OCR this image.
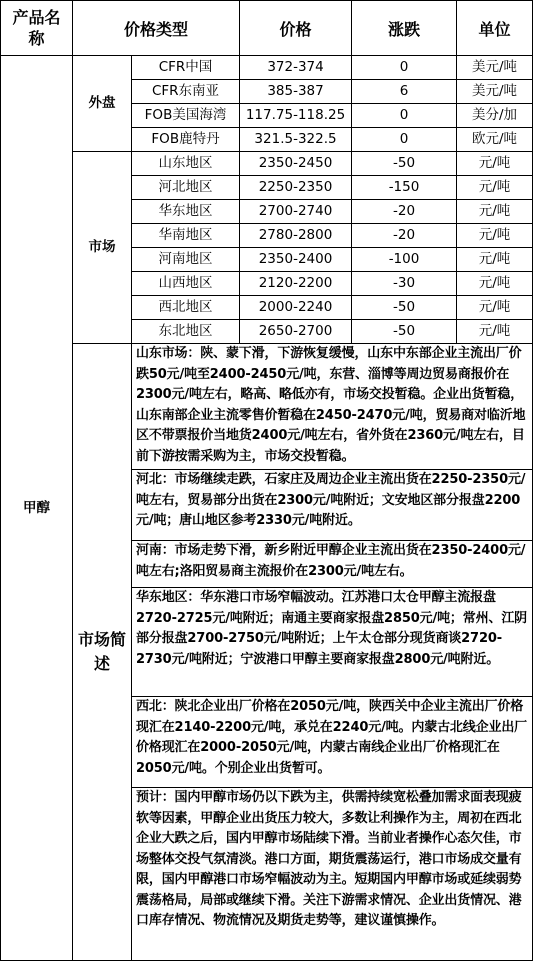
产品名
称	价格类型		价格	涨跌	单位
甲醇	外盘	CFR中国	372-374	0	美元/吨
		CFR东南亚	385-387	6	美元/吨
		FOB美国海湾	117.75-118.25	0	美分/加
		FOB鹿特丹	321.5-322.5	0	欧元/吨
	市场	山东地区	2350-2450	-50	元/吨
		河北地区	2250-2350	-150	元/吨
		华东地区	2700-2740	-20	元/吨
		华南地区	2780-2800	-20	元/吨
		河南地区	2350-2400	-100	元/吨
		山西地区	2120-2200	-30	元/吨
		西北地区	2000-2240	-50	元/吨
		东北地区	2650-2700	-50	元/吨
	市场简
述	山东市场：陕、蒙下滑，下游恢复缓慢，山东中东部企业主流出厂价跌50元/吨至2400-2450元/吨，东营、淄博等周边贸易商报价在2300元/吨左右，略高、略低亦有，市场交投暂稳。企业出货暂稳，山东南部企业主流零售价暂稳在2450-2470元/吨，贸易商对临沂地区不带票报价当地货2400元/吨左右，省外货在2360元/吨左右，目前下游按需采购为主，市场交投暂稳。			
		河北：市场继续走跌，石家庄及周边企业主流出货在2250-2350元/吨左右，贸易部分出货在2300元/吨附近；文安地区部分报盘2200元/吨；唐山地区参考2330元/吨附近。			
		河南：市场走势下滑，新乡附近甲醇企业主流出货在2350-2400元/吨左右;洛阳贸易商主流报价在2300元/吨左右。			
		华东地区：华东港口市场窄幅波动。江苏港口太仓甲醇主流报盘2720-2725元/吨附近；南通主要商家报盘2850元/吨；常州、江阴部分报盘2700-2750元/吨附近；上午太仓部分现货商谈2720-2730元/吨附近；宁波港口甲醇主要商家报盘2800元/吨附近。			
		西北：陕北企业出厂价格在2050元/吨，陕西关中企业主流出厂价格现汇在2140-2200元/吨，承兑在2240元/吨。内蒙古北线企业出厂价格现汇在2000-2050元/吨，内蒙古南线企业出厂价格现汇在2050元/吨。个别企业出货暂可。			
		预计：国内甲醇市场仍以下跌为主，供需持续宽松叠加需求面表现疲软等因素，甲醇企业出货压力较大，多数让利操作为主，周初在西北企业大跌之后，国内甲醇市场陆续下滑。当前业者操作心态欠佳，市场整体交投气氛清淡。港口方面，期货震荡运行，港口市场成交量有限，国内甲醇港口市场窄幅波动为主。短期国内甲醇市场或延续弱势震荡格局，局部或继续下滑。关注下游需求情况、企业出货情况、港口库存情况、物流情况及期货走势等，建议谨慎操作。			
